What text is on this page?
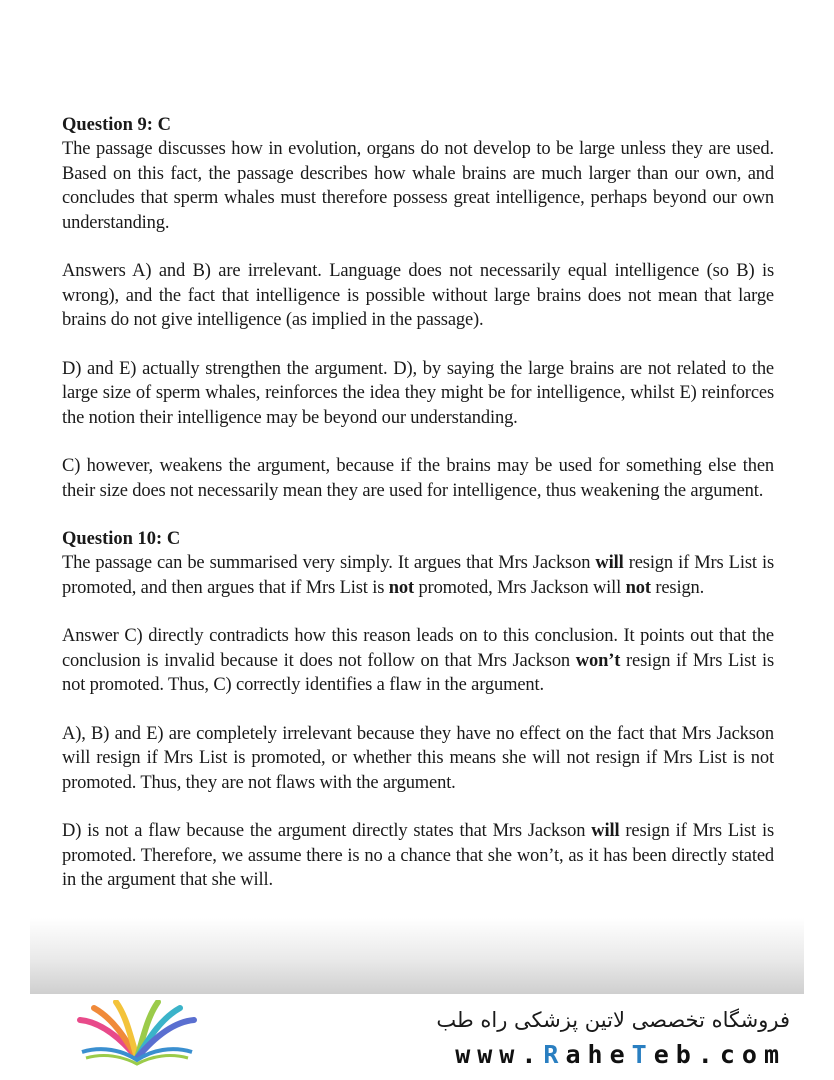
Question 9: C

The passage discusses how in evolution, organs do not develop to be large unless they are used. Based on this fact, the passage describes how whale brains are much larger than our own, and concludes that sperm whales must therefore possess great intelligence, perhaps beyond our own understanding.

Answers A) and B) are irrelevant. Language does not necessarily equal intelligence (so B) is wrong), and the fact that intelligence is possible without large brains does not mean that large brains do not give intelligence (as implied in the passage).

D) and E) actually strengthen the argument. D), by saying the large brains are not related to the large size of sperm whales, reinforces the idea they might be for intelligence, whilst E) reinforces the notion their intelligence may be beyond our understanding.

C) however, weakens the argument, because if the brains may be used for something else then their size does not necessarily mean they are used for intelligence, thus weakening the argument.

Question 10: C

The passage can be summarised very simply. It argues that Mrs Jackson will resign if Mrs List is promoted, and then argues that if Mrs List is not promoted, Mrs Jackson will not resign.

Answer C) directly contradicts how this reason leads on to this conclusion. It points out that the conclusion is invalid because it does not follow on that Mrs Jackson won’t resign if Mrs List is not promoted. Thus, C) correctly identifies a flaw in the argument.

A), B) and E) are completely irrelevant because they have no effect on the fact that Mrs Jackson will resign if Mrs List is promoted, or whether this means she will not resign if Mrs List is not promoted. Thus, they are not flaws with the argument.

D) is not a flaw because the argument directly states that Mrs Jackson will resign if Mrs List is promoted. Therefore, we assume there is no a chance that she won’t, as it has been directly stated in the argument that she will.

فروشگاه تخصصی لاتین پزشکی راه طب
www.RaheTeb.com
